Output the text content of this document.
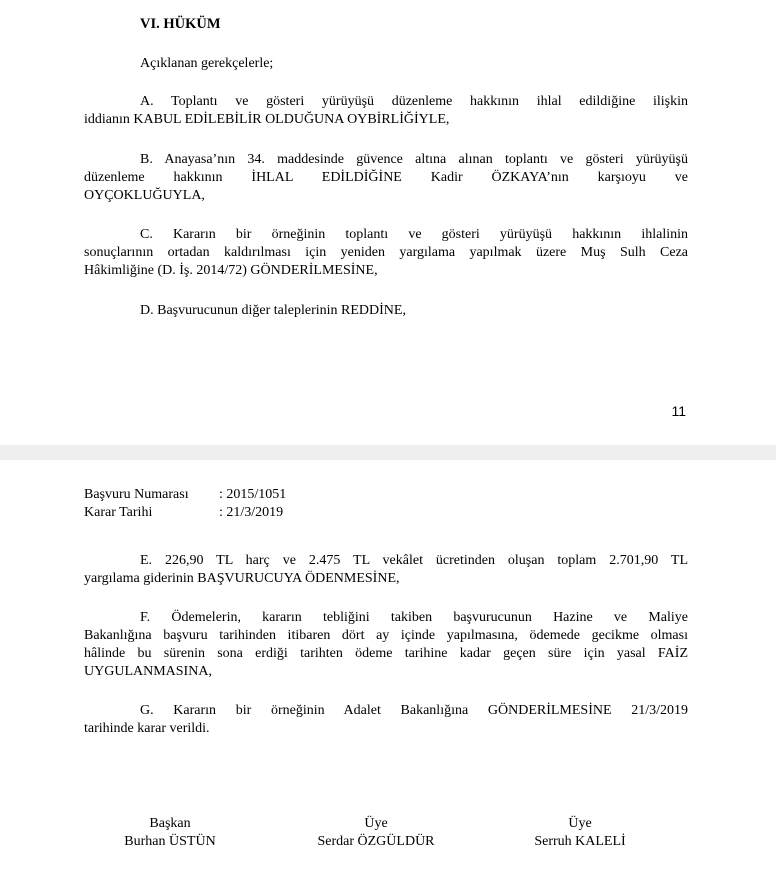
VI. HÜKÜM
Açıklanan gerekçelerle;
A. Toplantı ve gösteri yürüyüşü düzenleme hakkının ihlal edildiğine ilişkin
iddianın KABUL EDİLEBİLİR OLDUĞUNA OYBİRLİĞİYLE,
B. Anayasa’nın 34. maddesinde güvence altına alınan toplantı ve gösteri yürüyüşü
düzenleme hakkının İHLAL EDİLDİĞİNE Kadir ÖZKAYA’nın karşıoyu ve
OYÇOKLUĞUYLA,
C. Kararın bir örneğinin toplantı ve gösteri yürüyüşü hakkının ihlalinin
sonuçlarının ortadan kaldırılması için yeniden yargılama yapılmak üzere Muş Sulh Ceza
Hâkimliğine (D. İş. 2014/72) GÖNDERİLMESİNE,
D. Başvurucunun diğer taleplerinin REDDİNE,
11
Başvuru Numarası : 2015/1051
Karar Tarihi	: 21/3/2019
E. 226,90 TL harç ve 2.475 TL vekâlet ücretinden oluşan toplam 2.701,90 TL
yargılama giderinin BAŞVURUCUYA ÖDENMESİNE,
F. Ödemelerin, kararın tebliğini takiben başvurucunun Hazine ve Maliye
Bakanlığına başvuru tarihinden itibaren dört ay içinde yapılmasına, ödemede gecikme olması
hâlinde bu sürenin sona erdiği tarihten ödeme tarihine kadar geçen süre için yasal FAİZ
UYGULANMASINA,
G. Kararın bir örneğinin Adalet Bakanlığına GÖNDERİLMESİNE 21/3/2019
tarihinde karar verildi.
Başkan
Burhan ÜSTÜN
Üye
Serdar ÖZGÜLDÜR
Üye
Serruh KALELİ
